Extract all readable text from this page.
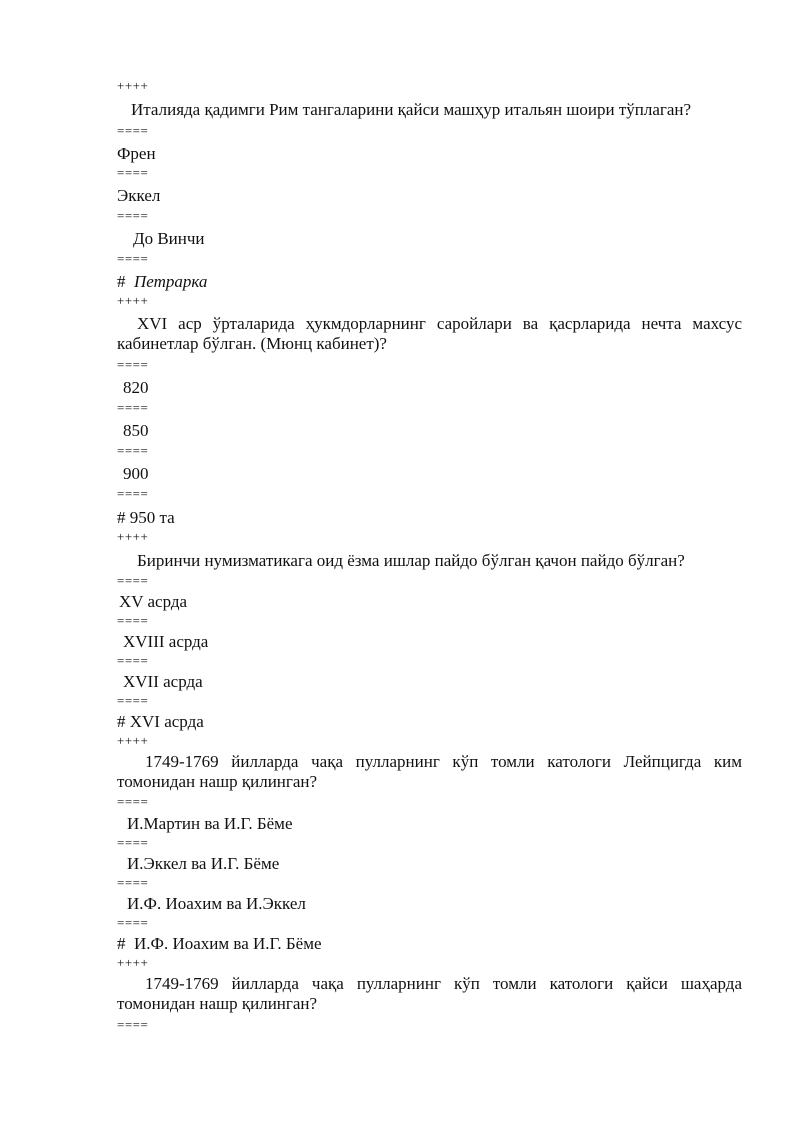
++++
Италияда қадимги Рим тангаларини қайси машҳур итальян шоири тўплаган?
====
Френ
====
Эккел
====
До Винчи
====
# Петрарка
++++
XVI аср ўрталарида ҳукмдорларнинг саройлари ва қасрларида нечта махсус кабинетлар бўлган. (Мюнц кабинет)?
====
820
====
850
====
900
====
# 950 та
++++
Биринчи нумизматикага оид ёзма ишлар пайдо бўлган қачон пайдо бўлган?
====
XV асрда
====
XVIII асрда
====
XVII асрда
====
# XVI асрда
++++
1749-1769 йилларда чақа пулларнинг кўп томли катологи Лейпцигда ким томонидан нашр қилинган?
====
И.Мартин ва И.Г. Бёме
====
И.Эккел ва И.Г. Бёме
====
И.Ф. Иоахим ва И.Эккел
====
# И.Ф. Иоахим ва И.Г. Бёме
++++
1749-1769 йилларда чақа пулларнинг кўп томли катологи қайси шаҳарда томонидан нашр қилинган?
====
